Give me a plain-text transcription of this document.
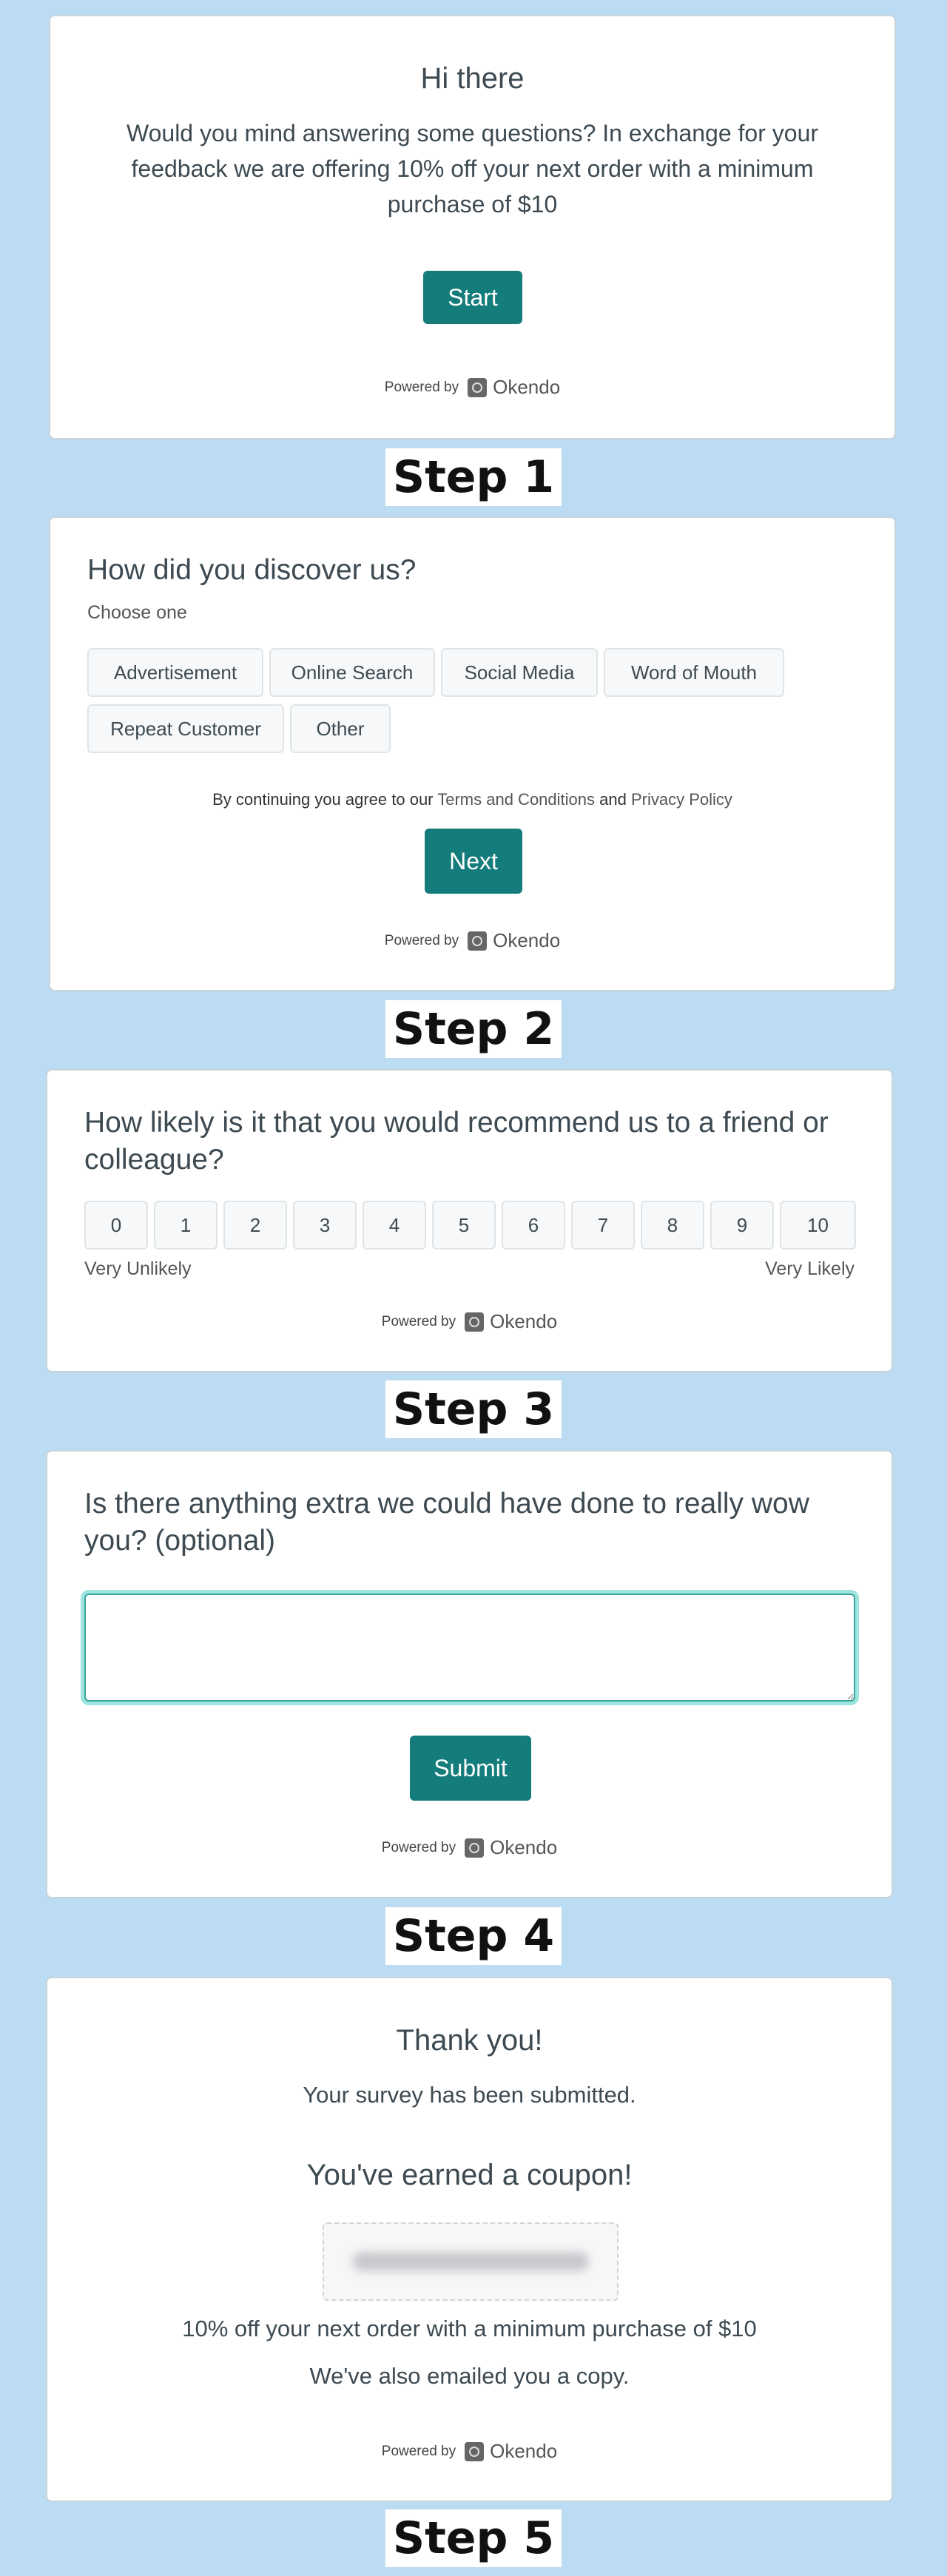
Hi there
Would you mind answering some questions? In exchange for your feedback we are offering 10% off your next order with a minimum purchase of $10
Start
Powered by Okendo
Step 1
How did you discover us?
Choose one
Advertisement	Online Search	Social Media	Word of Mouth
Repeat Customer	Other
By continuing you agree to our Terms and Conditions and Privacy Policy
Next
Powered by Okendo
Step 2
How likely is it that you would recommend us to a friend or colleague?
0	1	2	3	4	5	6	7	8	9	10
Very Unlikely	Very Likely
Powered by Okendo
Step 3
Is there anything extra we could have done to really wow you? (optional)
Submit
Powered by Okendo
Step 4
Thank you!
Your survey has been submitted.
You've earned a coupon!
10% off your next order with a minimum purchase of $10
We've also emailed you a copy.
Powered by Okendo
Step 5
